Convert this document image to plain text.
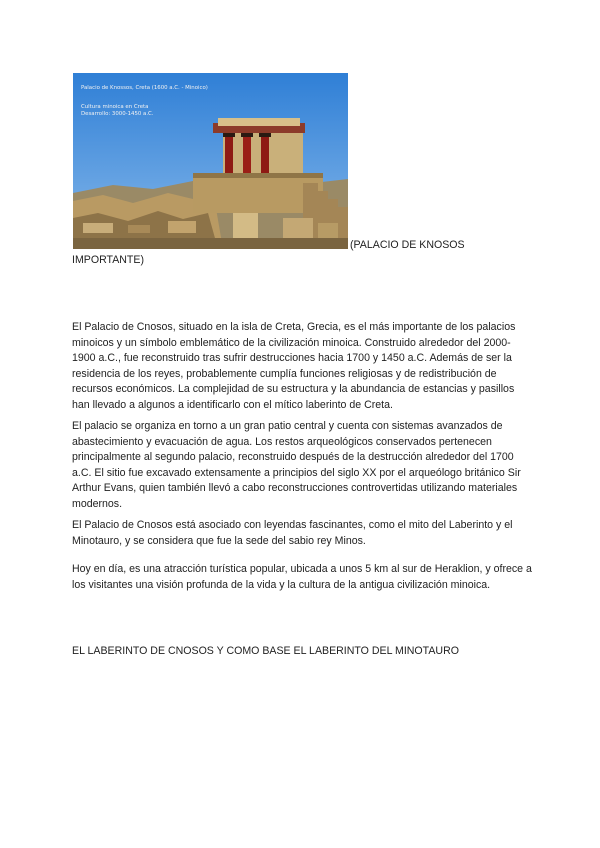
Palacio de Knossos, Creta (1600 a.C. - Minoico)
Cultura minoica en Creta
Desarrollo: 3000-1450 a.C.
(PALACIO DE KNOSOS
IMPORTANTE)

El Palacio de Cnosos, situado en la isla de Creta, Grecia, es el más importante de los palacios minoicos y un símbolo emblemático de la civilización minoica. Construido alrededor del 2000-1900 a.C., fue reconstruido tras sufrir destrucciones hacia 1700 y 1450 a.C. Además de ser la residencia de los reyes, probablemente cumplía funciones religiosas y de redistribución de recursos económicos. La complejidad de su estructura y la abundancia de estancias y pasillos han llevado a algunos a identificarlo con el mítico laberinto de Creta.

El palacio se organiza en torno a un gran patio central y cuenta con sistemas avanzados de abastecimiento y evacuación de agua. Los restos arqueológicos conservados pertenecen principalmente al segundo palacio, reconstruido después de la destrucción alrededor del 1700 a.C. El sitio fue excavado extensamente a principios del siglo XX por el arqueólogo británico Sir Arthur Evans, quien también llevó a cabo reconstrucciones controvertidas utilizando materiales modernos.

El Palacio de Cnosos está asociado con leyendas fascinantes, como el mito del Laberinto y el Minotauro, y se considera que fue la sede del sabio rey Minos.

Hoy en día, es una atracción turística popular, ubicada a unos 5 km al sur de Heraklion, y ofrece a los visitantes una visión profunda de la vida y la cultura de la antigua civilización minoica.

EL LABERINTO DE CNOSOS Y COMO BASE EL LABERINTO DEL MINOTAURO
